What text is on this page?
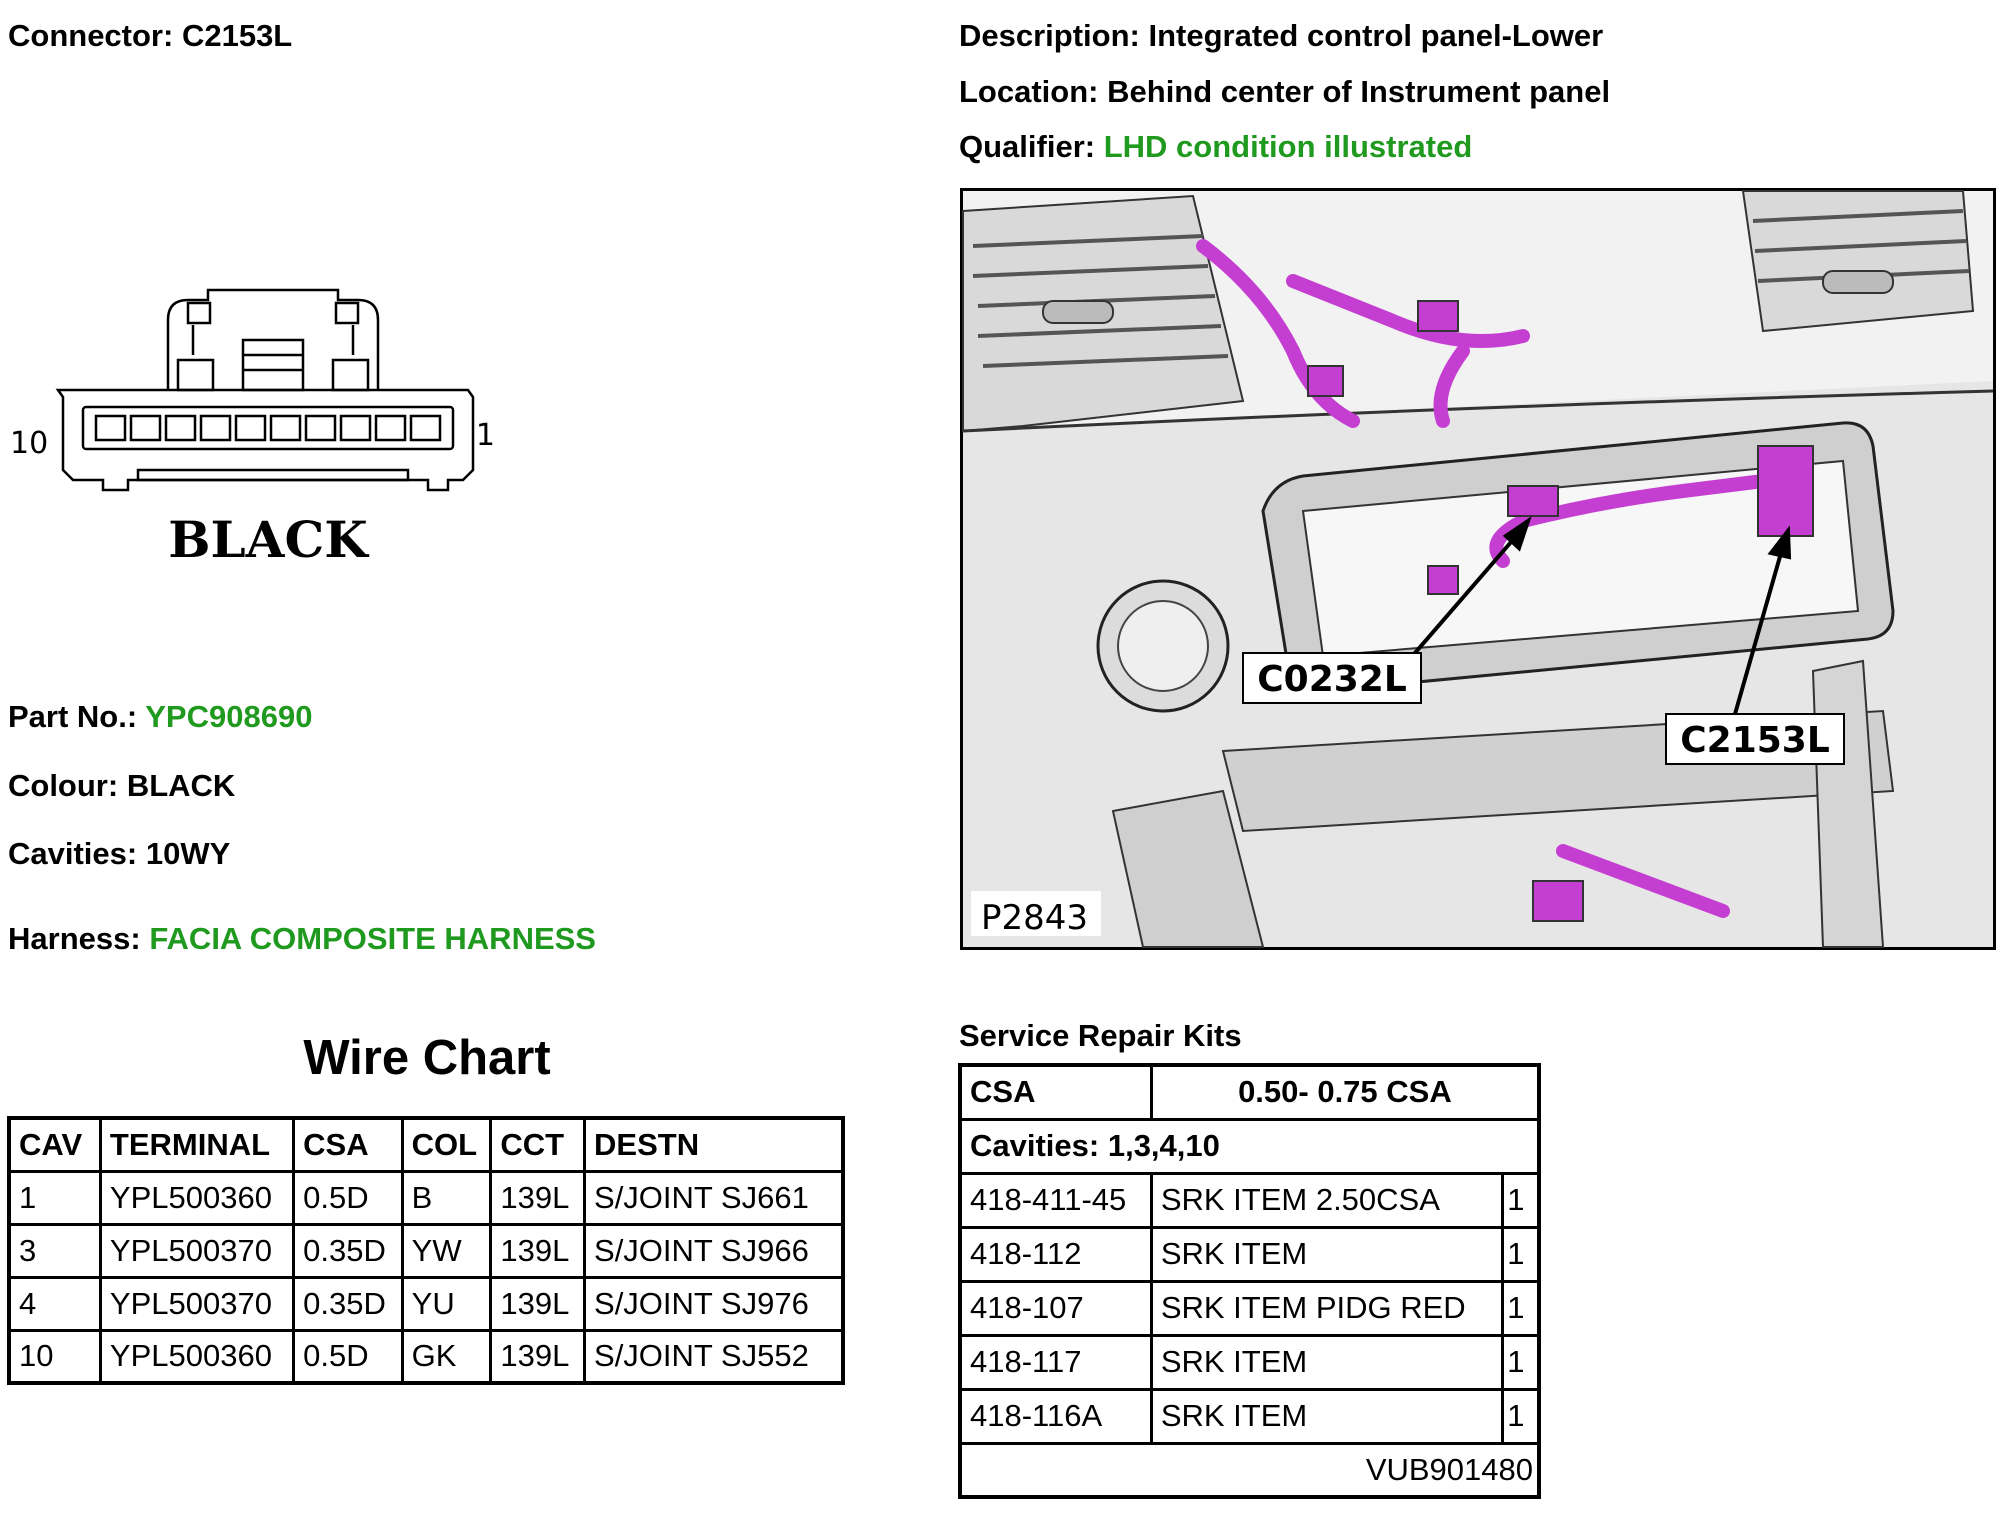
Connector: C2153L	Description: Integrated control panel-Lower
Location: Behind center of Instrument panel
Qualifier: LHD condition illustrated
10	1
BLACK
Part No.: YPC908690
Colour: BLACK
Cavities: 10WY
Harness: FACIA COMPOSITE HARNESS
C0232L
C2153L
P2843
Wire Chart
CAV	TERMINAL	CSA	COL	CCT	DESTN
1	YPL500360	0.5D	B	139L	S/JOINT SJ661
3	YPL500370	0.35D	YW	139L	S/JOINT SJ966
4	YPL500370	0.35D	YU	139L	S/JOINT SJ976
10	YPL500360	0.5D	GK	139L	S/JOINT SJ552
Service Repair Kits
CSA	0.50- 0.75 CSA	
Cavities: 1,3,4,10		
418-411-45	SRK ITEM 2.50CSA	1
418-112	SRK ITEM	1
418-107	SRK ITEM PIDG RED	1
418-117	SRK ITEM	1
418-116A	SRK ITEM	1
VUB901480		
